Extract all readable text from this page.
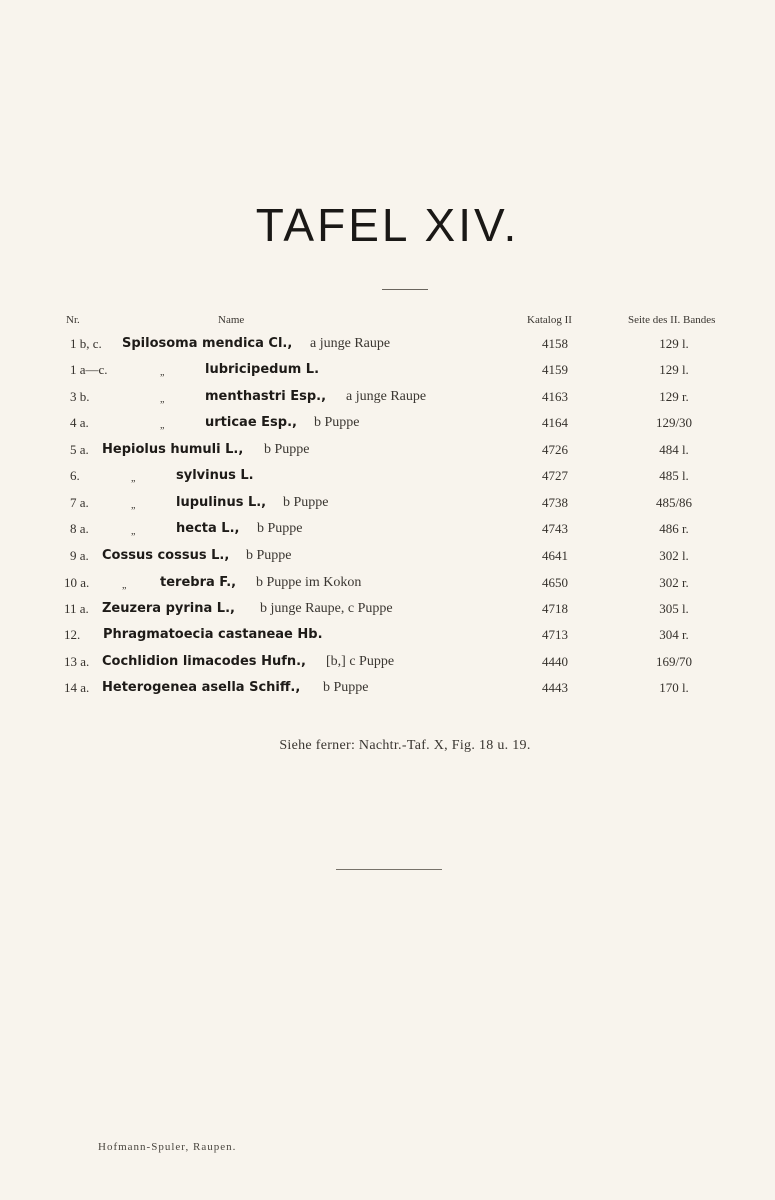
TAFEL XIV.
Nr.	Name	Katalog II	Seite des II. Bandes
1 b, c. Spilosoma mendica Cl., a junge Raupe	4158	129 l.
1 a—c.	„	lubricipedum L.	4159	129 l.
3 b.	„	menthastri Esp., a junge Raupe	4163	129 r.
4 a.	„	urticae Esp., b Puppe	4164	129/30
5 a. Hepiolus humuli L., b Puppe	4726	484 l.
6.	„	sylvinus L.	4727	485 l.
7 a.	„	lupulinus L., b Puppe	4738	485/86
8 a.	„	hecta L., b Puppe	4743	486 r.
9 a. Cossus cossus L., b Puppe	4641	302 l.
10 a.	„	terebra F., b Puppe im Kokon	4650	302 r.
11 a. Zeuzera pyrina L., b junge Raupe, c Puppe	4718	305 l.
12. Phragmatoecia castaneae Hb.	4713	304 r.
13 a. Cochlidion limacodes Hufn., [b,] c Puppe	4440	169/70
14 a. Heterogenea asella Schiff., b Puppe	4443	170 l.
Siehe ferner: Nachtr.-Taf. X, Fig. 18 u. 19.
Hofmann-Spuler, Raupen.
